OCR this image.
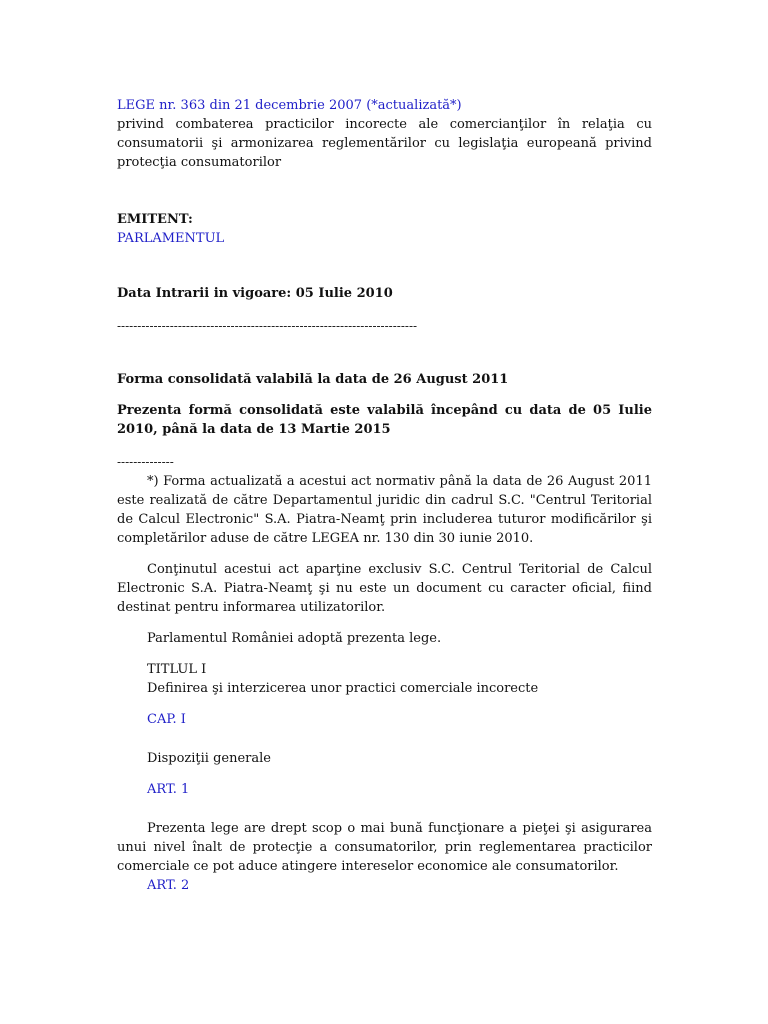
LEGE nr. 363 din 21 decembrie 2007 (*actualizată*)

privind combaterea practicilor incorecte ale comercianţilor în relaţia cu consumatorii şi armonizarea reglementărilor cu legislaţia europeană privind protecţia consumatorilor

EMITENT:

PARLAMENTUL

Data Intrarii in vigoare: 05 Iulie 2010

--------------------------------------------------------------------------

Forma consolidată valabilă la data de 26 August 2011

Prezenta formă consolidată este valabilă începând cu data de 05 Iulie 2010, până la data de 13 Martie 2015

--------------

*) Forma actualizată a acestui act normativ până la data de 26 August 2011 este realizată de către Departamentul juridic din cadrul S.C. "Centrul Teritorial de Calcul Electronic" S.A. Piatra-Neamţ prin includerea tuturor modificărilor şi completărilor aduse de către LEGEA nr. 130 din 30 iunie 2010.

Conţinutul acestui act aparţine exclusiv S.C. Centrul Teritorial de Calcul Electronic S.A. Piatra-Neamţ şi nu este un document cu caracter oficial, fiind destinat pentru informarea utilizatorilor.

Parlamentul României adoptă prezenta lege.

TITLUL I

Definirea şi interzicerea unor practici comerciale incorecte

CAP. I

Dispoziţii generale

ART. 1

Prezenta lege are drept scop o mai bună funcţionare a pieţei şi asigurarea unui nivel înalt de protecţie a consumatorilor, prin reglementarea practicilor comerciale ce pot aduce atingere intereselor economice ale consumatorilor.

ART. 2
